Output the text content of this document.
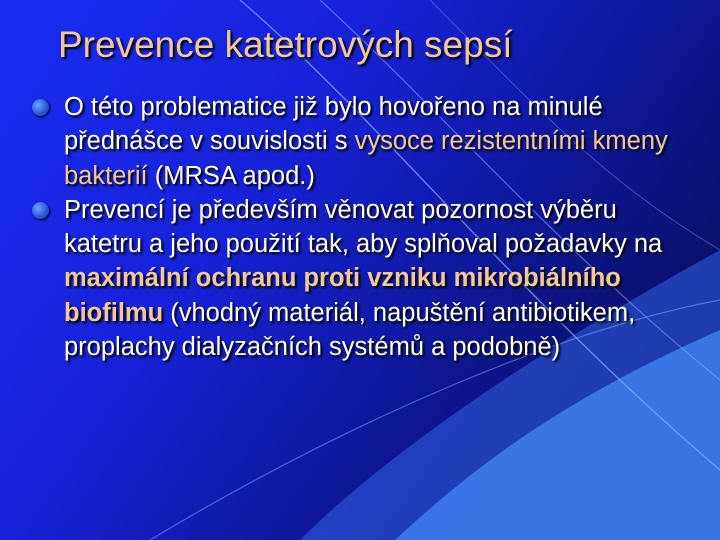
Prevence katetrových sepsí
O této problematice již bylo hovořeno na minulé přednášce v souvislosti s vysoce rezistentními kmeny bakterií (MRSA apod.)
Prevencí je především věnovat pozornost výběru katetru a jeho použití tak, aby splňoval požadavky na maximální ochranu proti vzniku mikrobiálního biofilmu (vhodný materiál, napuštění antibiotikem, proplachy dialyzačních systémů a podobně)
